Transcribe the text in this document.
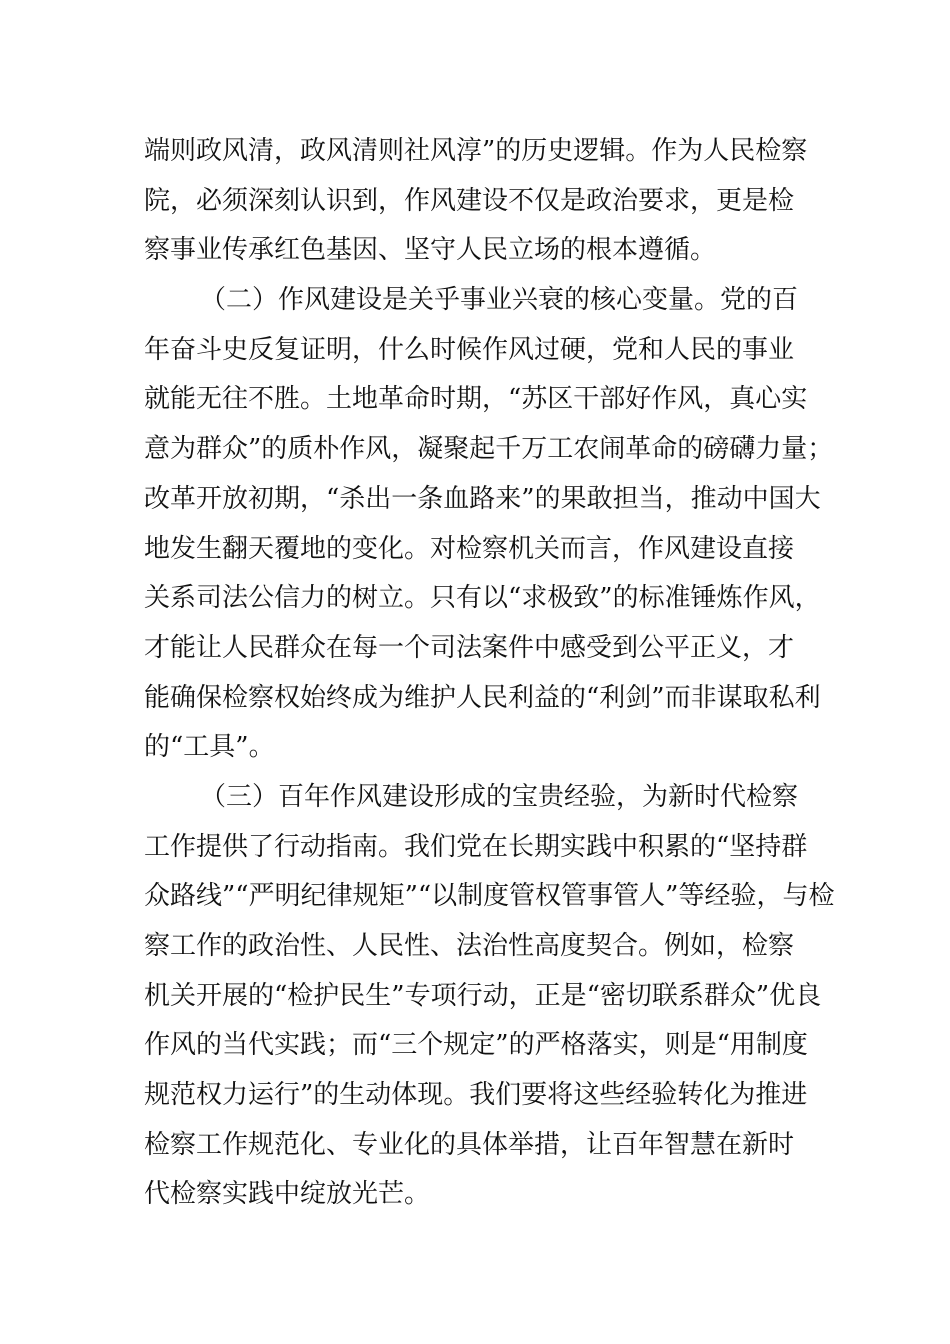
端则政风清，政风清则社风淳”的历史逻辑。作为人民检察
院，必须深刻认识到，作风建设不仅是政治要求，更是检
察事业传承红色基因、坚守人民立场的根本遵循。
（二）作风建设是关乎事业兴衰的核心变量。党的百
年奋斗史反复证明，什么时候作风过硬，党和人民的事业
就能无往不胜。土地革命时期，“苏区干部好作风，真心实
意为群众”的质朴作风，凝聚起千万工农闹革命的磅礴力量；
改革开放初期，“杀出一条血路来”的果敢担当，推动中国大
地发生翻天覆地的变化。对检察机关而言，作风建设直接
关系司法公信力的树立。只有以“求极致”的标准锤炼作风，
才能让人民群众在每一个司法案件中感受到公平正义，才
能确保检察权始终成为维护人民利益的“利剑”而非谋取私利
的“工具”。
（三）百年作风建设形成的宝贵经验，为新时代检察
工作提供了行动指南。我们党在长期实践中积累的“坚持群
众路线”“严明纪律规矩”“以制度管权管事管人”等经验，与检
察工作的政治性、人民性、法治性高度契合。例如，检察
机关开展的“检护民生”专项行动，正是“密切联系群众”优良
作风的当代实践；而“三个规定”的严格落实，则是“用制度
规范权力运行”的生动体现。我们要将这些经验转化为推进
检察工作规范化、专业化的具体举措，让百年智慧在新时
代检察实践中绽放光芒。
